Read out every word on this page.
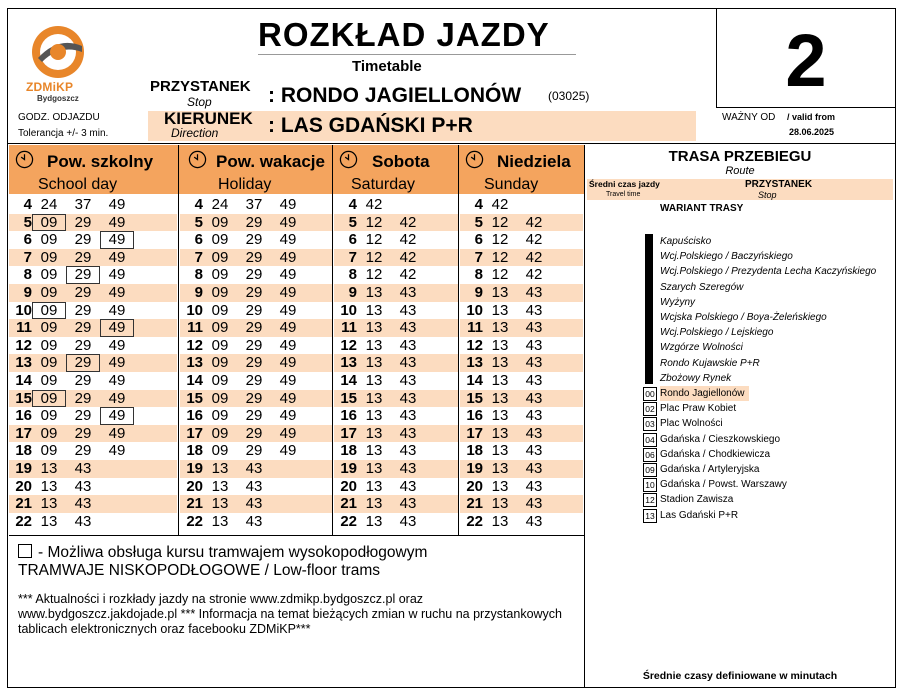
ZDMiKP
Bydgoszcz
GODZ. ODJAZDU
Tolerancja +/- 3 min.
ROZKŁAD JAZDY
Timetable
PRZYSTANEK
Stop	: RONDO JAGIELLONÓW (03025)
KIERUNEK
Direction : LAS GDAŃSKI P+R
2
WAŻNY OD / valid from
28.06.2025
Pow. szkolny
School day
Pow. wakacje
Holiday
Sobota
Saturday
Niedziela
Sunday
4 24 37 49
5 09 29 49
6 09 29 49
7 09 29 49
8 09 29 49
9 09 29 49
10 09 29 49
11 09 29 49
12 09 29 49
13 09 29 49
14 09 29 49
15 09 29 49
16 09 29 49
17 09 29 49
18 09 29 49
19 13 43
20 13 43
21 13 43
22 13 43
4 24 37 49
5 09 29 49
6 09 29 49
7 09 29 49
8 09 29 49
9 09 29 49
10 09 29 49
11 09 29 49
12 09 29 49
13 09 29 49
14 09 29 49
15 09 29 49
16 09 29 49
17 09 29 49
18 09 29 49
19 13 43
20 13 43
21 13 43
22 13 43
4 42
5 12 42
6 12 42
7 12 42
8 12 42
9 13 43
10 13 43
11 13 43
12 13 43
13 13 43
14 13 43
15 13 43
16 13 43
17 13 43
18 13 43
19 13 43
20 13 43
21 13 43
22 13 43
4 42
5 12 42
6 12 42
7 12 42
8 12 42
9 13 43
10 13 43
11 13 43
12 13 43
13 13 43
14 13 43
15 13 43
16 13 43
17 13 43
18 13 43
19 13 43
20 13 43
21 13 43
22 13 43
- Możliwa obsługa kursu tramwajem wysokopodłogowym
TRAMWAJE NISKOPODŁOGOWE / Low-floor trams
*** Aktualności i rozkłady jazdy na stronie www.zdmikp.bydgoszcz.pl oraz www.bydgoszcz.jakdojade.pl *** Informacja na temat bieżących zmian w ruchu na przystankowych tablicach elektronicznych oraz facebooku ZDMiKP***
TRASA PRZEBIEGU
Route
Średni czas jazdy
Travel time
PRZYSTANEK
Stop
WARIANT TRASY
Kapuścisko
Wcj.Polskiego / Baczyńskiego
Wcj.Polskiego / Prezydenta Lecha Kaczyńskiego
Szarych Szeregów
Wyżyny
Wcjska Polskiego / Boya-Żeleńskiego
Wcj.Polskiego / Lejskiego
Wzgórze Wolności
Rondo Kujawskie P+R
Zbożowy Rynek
00 Rondo Jagiellonów
02 Plac Praw Kobiet
03 Plac Wolności
04 Gdańska / Cieszkowskiego
06 Gdańska / Chodkiewicza
09 Gdańska / Artyleryjska
10 Gdańska / Powst. Warszawy
12 Stadion Zawisza
13 Las Gdański P+R
Średnie czasy definiowane w minutach
